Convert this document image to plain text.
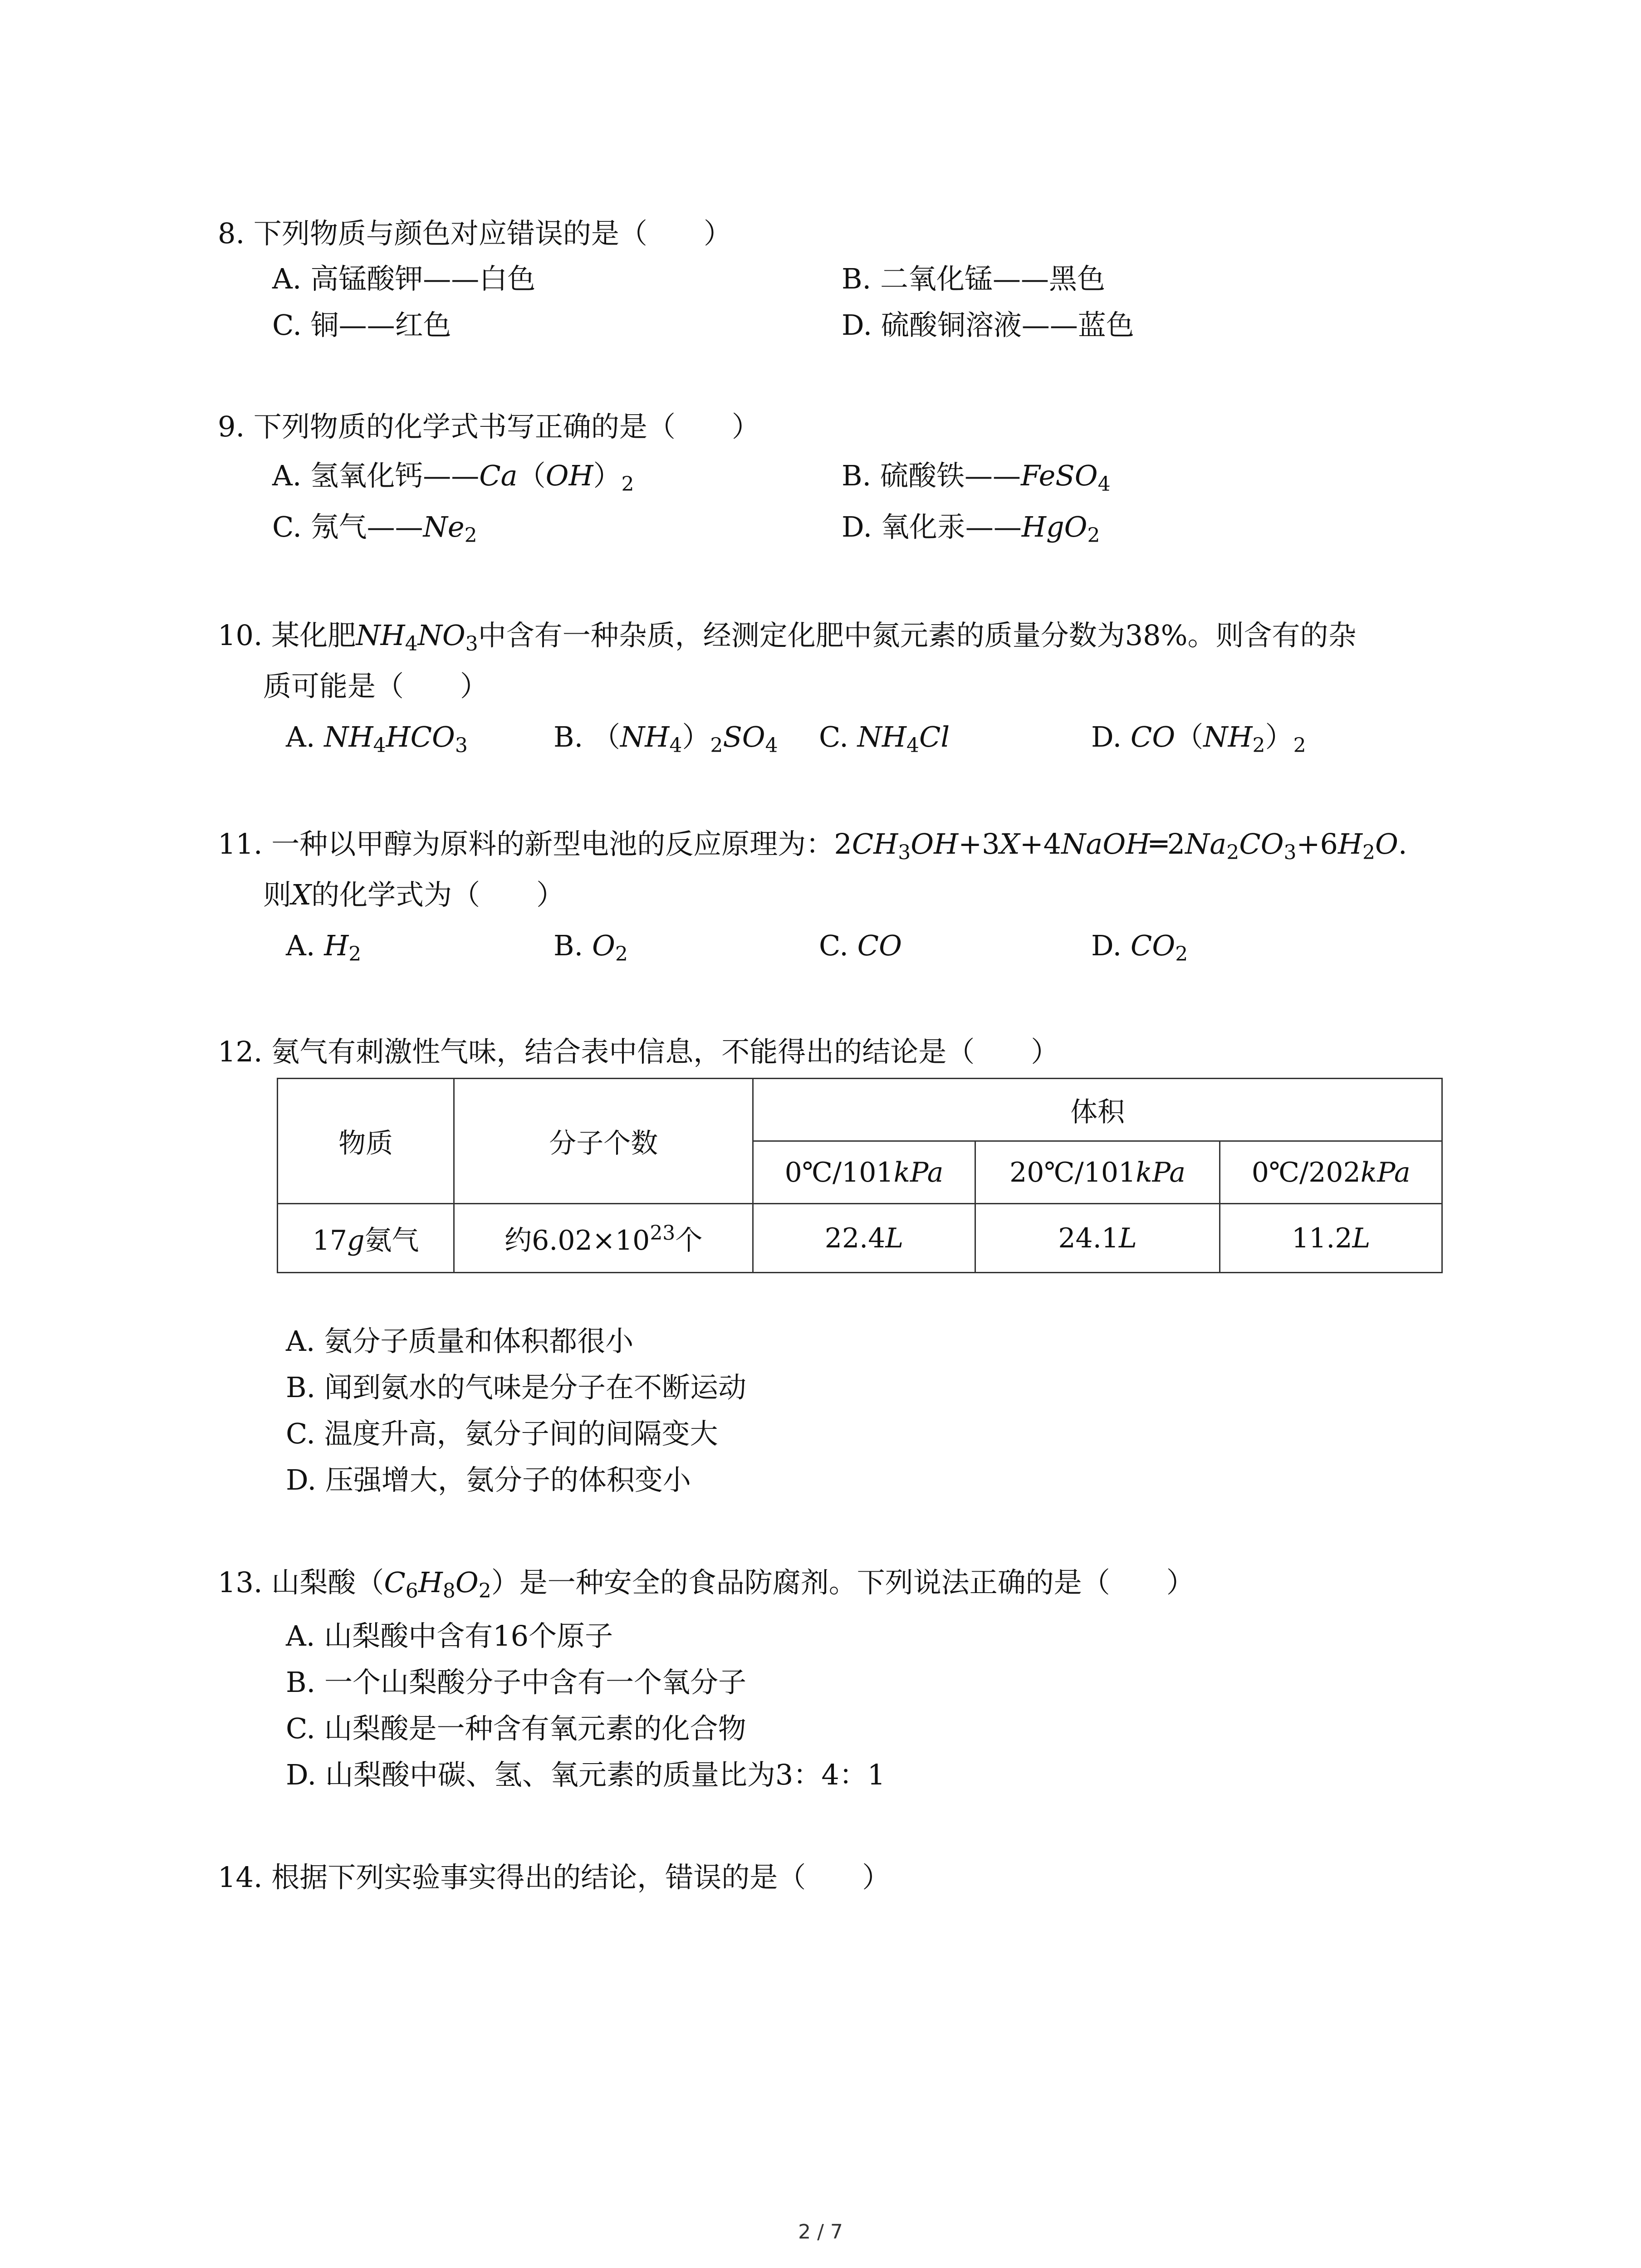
8. 下列物质与颜色对应错误的是（　　）
A. 高锰酸钾——白色	B. 二氧化锰——黑色
C. 铜——红色	D. 硫酸铜溶液——蓝色
9. 下列物质的化学式书写正确的是（　　）
A. 氢氧化钙$——Ca(OH)_2$	B. 硫酸铁——FeSO$_4$
C. 氖气$——Ne_2$	D. 氧化汞——HgO$_2$
10. 某化肥$NH_4NO_3$中含有一种杂质，经测定化肥中氮元素的质量分数为38%。则含有的杂
质可能是（　　）
A. $NH_4HCO_3$	B. $(NH_4)_2SO_4$ C. $NH_4Cl$	D. $CO(NH_2)_2$
11. 一种以甲醇为原料的新型电池的反应原理为：$2CH_3OH+3X+4NaOH═2Na_2CO_3+6H_2O$.
则X的化学式为（　　）
A. $H_2$	B. $O_2$	C. CO	D. $CO_2$
12. 氨气有刺激性气味，结合表中信息，不能得出的结论是（　　）
物质	分子个数	体积		
		0℃/101kPa	20℃/101kPa	0℃/202kPa
17g氨气	约$6.02\times 10^{23}$个	22.4L	24.1L	11.2L
A. 氨分子质量和体积都很小
B. 闻到氨水的气味是分子在不断运动
C. 温度升高，氨分子间的间隔变大
D. 压强增大，氨分子的体积变小
13. 山梨酸$(C_6H_8O_2)$是一种安全的食品防腐剂。下列说法正确的是（　　）
A. 山梨酸中含有16个原子
B. 一个山梨酸分子中含有一个氧分子
C. 山梨酸是一种含有氧元素的化合物
D. 山梨酸中碳、氢、氧元素的质量比为3：4：1
14. 根据下列实验事实得出的结论，错误的是（　　）
2 / 7
